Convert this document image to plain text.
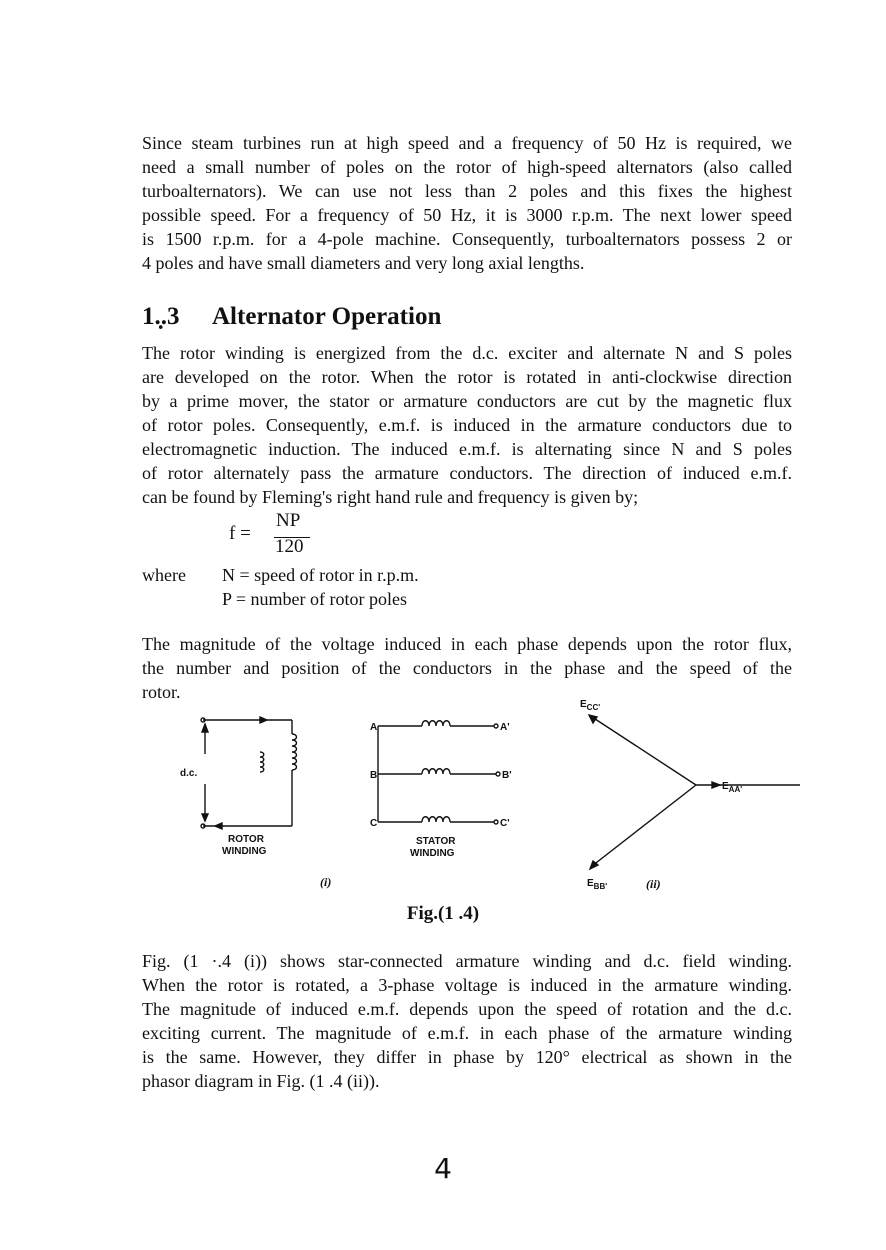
Since steam turbines run at high speed and a frequency of 50 Hz is required, we
need a small number of poles on the rotor of high-speed alternators (also called
turboalternators). We can use not less than 2 poles and this fixes the highest
possible speed. For a frequency of 50 Hz, it is 3000 r.p.m. The next lower speed
is 1500 r.p.m. for a 4-pole machine. Consequently, turboalternators possess 2 or
4 poles and have small diameters and very long axial lengths.

1.̣.3 Alternator Operation

The rotor winding is energized from the d.c. exciter and alternate N and S poles
are developed on the rotor. When the rotor is rotated in anti-clockwise direction
by a prime mover, the stator or armature conductors are cut by the magnetic flux
of rotor poles. Consequently, e.m.f. is induced in the armature conductors due to
electromagnetic induction. The induced e.m.f. is alternating since N and S poles
of rotor alternately pass the armature conductors. The direction of induced e.m.f.
can be found by Fleming's right hand rule and frequency is given by;

f =
NP
120
where N = speed of rotor in r.p.m.
P = number of rotor poles

The magnitude of the voltage induced in each phase depends upon the rotor flux,
the number and position of the conductors in the phase and the speed of the
rotor.

d.c.
ROTOR
WINDING
A
B
C
A'
B'
C'
STATOR
WINDING
$E_{CC'}$
$E_{AA'}$
$E_{BB'}$
(i)	(ii)
Fig.(1 .4)

Fig. (1 ·.4 (i)) shows star-connected armature winding and d.c. field winding.
When the rotor is rotated, a 3-phase voltage is induced in the armature winding.
The magnitude of induced e.m.f. depends upon the speed of rotation and the d.c.
exciting current. The magnitude of e.m.f. in each phase of the armature winding
is the same. However, they differ in phase by 120° electrical as shown in the
phasor diagram in Fig. (1 .4 (ii)).

4
